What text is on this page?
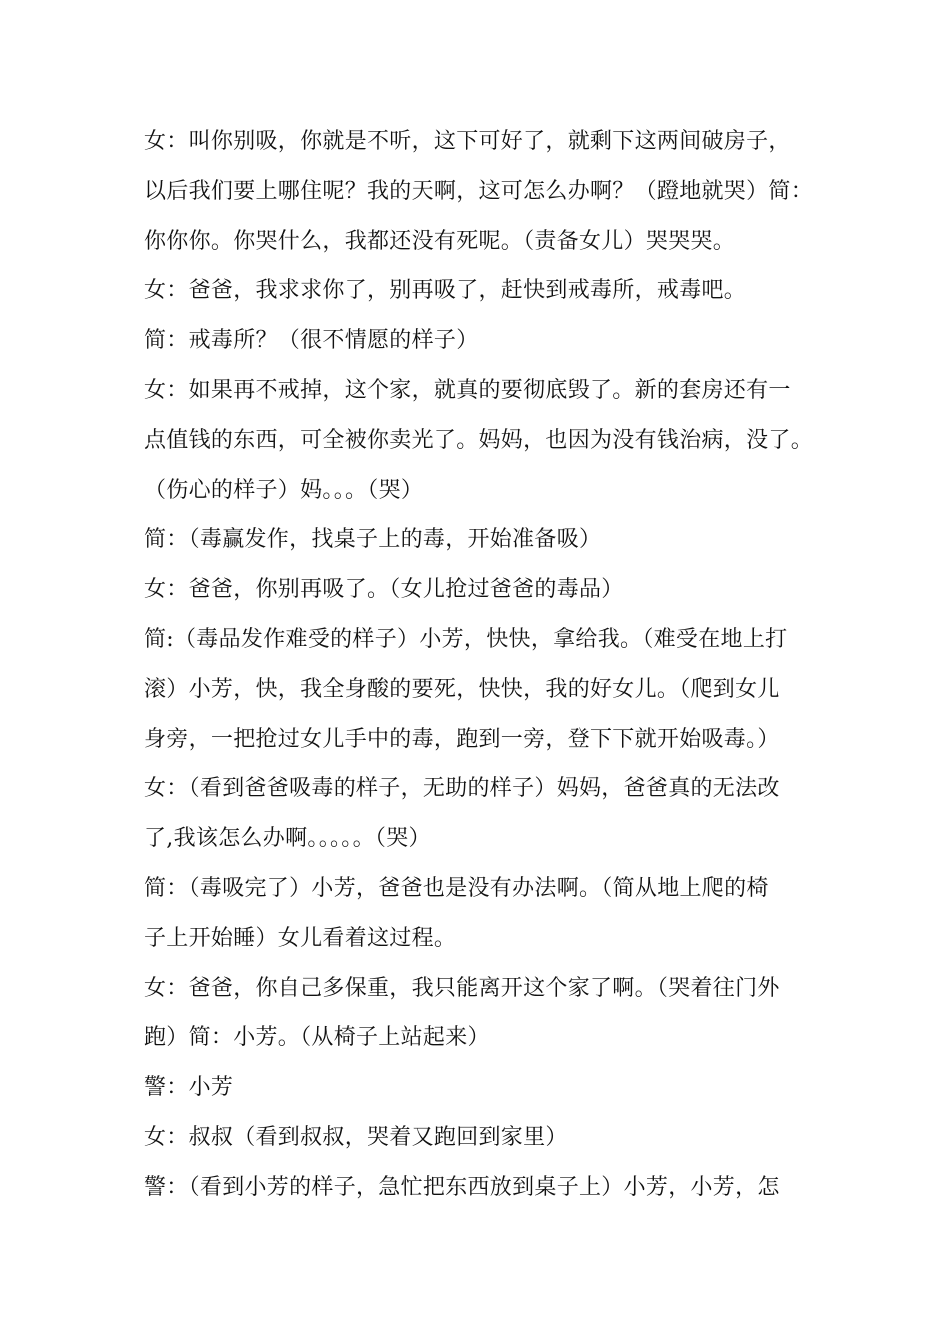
女：叫你别吸，你就是不听，这下可好了，就剩下这两间破房子，
以后我们要上哪住呢？我的天啊，这可怎么办啊？（蹬地就哭）简：
你你你。你哭什么，我都还没有死呢。（责备女儿）哭哭哭。
女：爸爸，我求求你了，别再吸了，赶快到戒毒所，戒毒吧。
简：戒毒所？（很不情愿的样子）
女：如果再不戒掉，这个家，就真的要彻底毁了。新的套房还有一
点值钱的东西，可全被你卖光了。妈妈，也因为没有钱治病，没了。
（伤心的样子）妈。。。（哭）
简：（毒赢发作，找桌子上的毒，开始准备吸）
女：爸爸，你别再吸了。（女儿抢过爸爸的毒品）
简:（毒品发作难受的样子）小芳，快快，拿给我。（难受在地上打
滚）小芳，快，我全身酸的要死，快快，我的好女儿。（爬到女儿
身旁，一把抢过女儿手中的毒，跑到一旁，登下下就开始吸毒。）
女：（看到爸爸吸毒的样子，无助的样子）妈妈，爸爸真的无法改
了,我该怎么办啊。。。。。（哭）
简：（毒吸完了）小芳，爸爸也是没有办法啊。（简从地上爬的椅
子上开始睡）女儿看着这过程。
女：爸爸，你自己多保重，我只能离开这个家了啊。（哭着往门外
跑）简：小芳。（从椅子上站起来）
警：小芳
女：叔叔（看到叔叔，哭着又跑回到家里）
警：（看到小芳的样子，急忙把东西放到桌子上）小芳，小芳，怎
